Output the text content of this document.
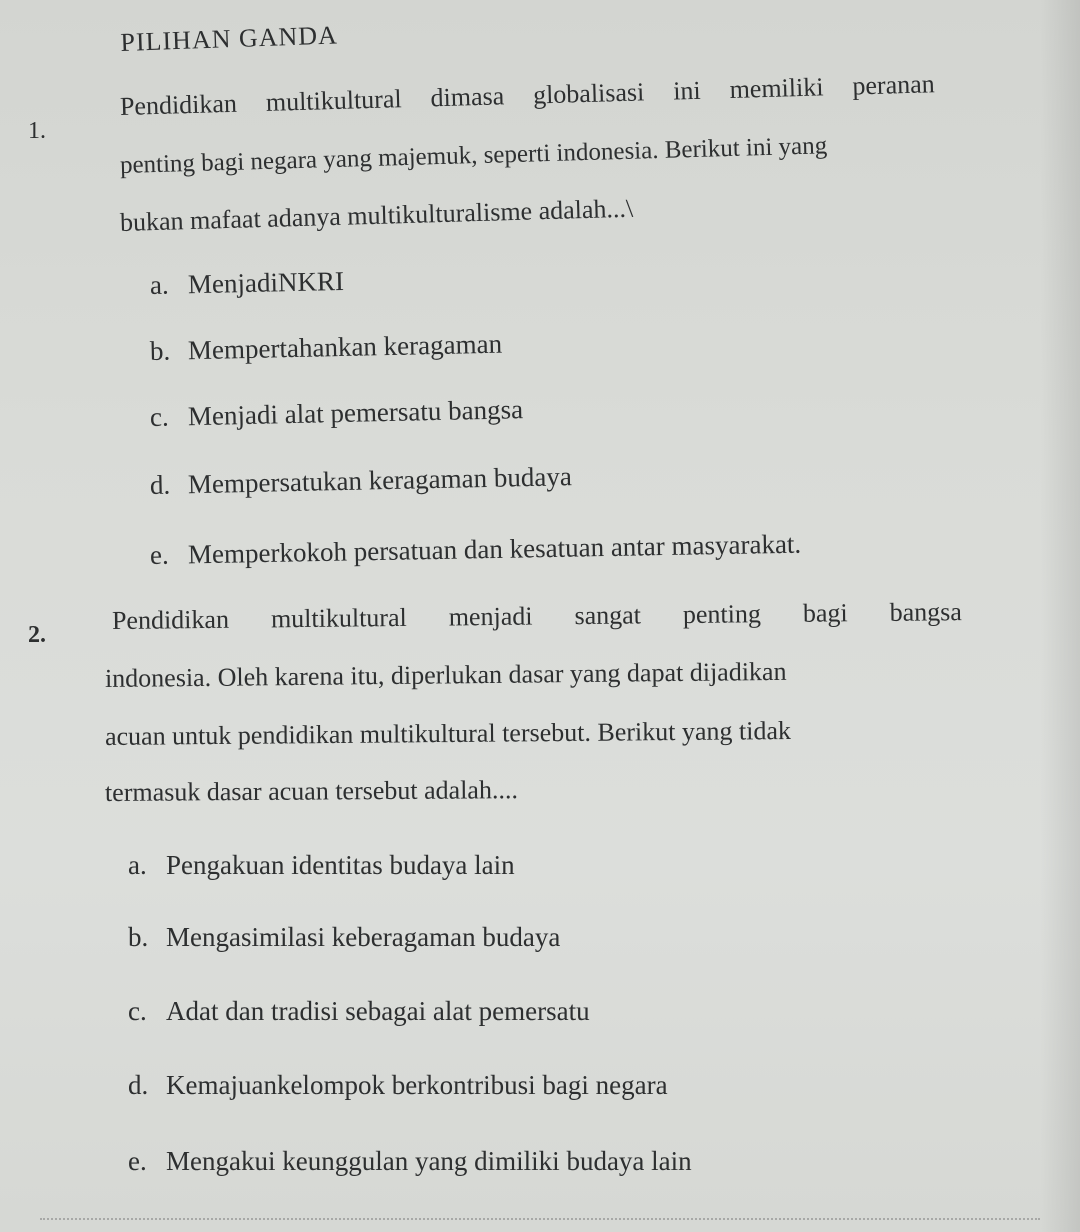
PILIHAN GANDA
1.
Pendidikan multikultural dimasa globalisasi ini memiliki peranan
penting bagi negara yang majemuk, seperti indonesia. Berikut ini yang
bukan mafaat adanya multikulturalisme adalah...\
a. MenjadiNKRI
b. Mempertahankan keragaman
c. Menjadi alat pemersatu bangsa
d. Mempersatukan keragaman budaya
e. Memperkokoh persatuan dan kesatuan antar masyarakat.
2.
Pendidikan multikultural menjadi sangat penting bagi bangsa
indonesia. Oleh karena itu, diperlukan dasar yang dapat dijadikan
acuan untuk pendidikan multikultural tersebut. Berikut yang tidak
termasuk dasar acuan tersebut adalah....
a. Pengakuan identitas budaya lain
b. Mengasimilasi keberagaman budaya
c. Adat dan tradisi sebagai alat pemersatu
d. Kemajuankelompok berkontribusi bagi negara
e. Mengakui keunggulan yang dimiliki budaya lain
